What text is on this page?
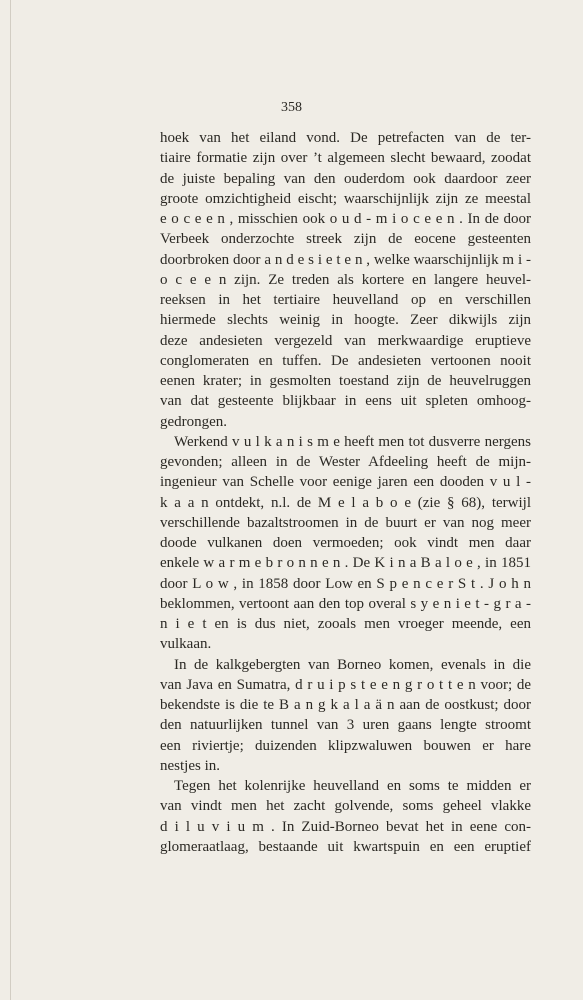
358
hoek van het eiland vond. De petrefacten van de ter-
tiaire formatie zijn over ’t algemeen slecht bewaard, zoodat
de juiste bepaling van den ouderdom ook daardoor zeer
groote omzichtigheid eischt; waarschijnlijk zijn ze meestal
e o c e e n , misschien ook o u d - m i o c e e n . In de door
Verbeek onderzochte streek zijn de eocene gesteenten
doorbroken door a n d e s i e t e n , welke waarschijnlijk m i -
o c e e n zijn. Ze treden als kortere en langere heuvel-
reeksen in het tertiaire heuvelland op en verschillen
hiermede slechts weinig in hoogte. Zeer dikwijls zijn
deze andesieten vergezeld van merkwaardige eruptieve
conglomeraten en tuffen. De andesieten vertoonen nooit
eenen krater; in gesmolten toestand zijn de heuvelruggen
van dat gesteente blijkbaar in eens uit spleten omhoog-
gedrongen.
Werkend v u l k a n i s m e heeft men tot dusverre nergens
gevonden; alleen in de Wester Afdeeling heeft de mijn-
ingenieur van Schelle voor eenige jaren een dooden v u l -
k a a n ontdekt, n.l. de M e l a b o e (zie § 68), terwijl
verschillende bazaltstroomen in de buurt er van nog meer
doode vulkanen doen vermoeden; ook vindt men daar
enkele w a r m e b r o n n e n . De K i n a B a l o e , in 1851
door L o w , in 1858 door Low en S p e n c e r S t . J o h n
beklommen, vertoont aan den top overal s y e n i e t - g r a -
n i e t en is dus niet, zooals men vroeger meende, een
vulkaan.
In de kalkgebergten van Borneo komen, evenals in die
van Java en Sumatra, d r u i p s t e e n g r o t t e n voor; de
bekendste is die te B a n g k a l a ä n aan de oostkust; door
den natuurlijken tunnel van 3 uren gaans lengte stroomt
een riviertje; duizenden klipzwaluwen bouwen er hare
nestjes in.
Tegen het kolenrijke heuvelland en soms te midden er
van vindt men het zacht golvende, soms geheel vlakke
d i l u v i u m . In Zuid-Borneo bevat het in eene con-
glomeraatlaag, bestaande uit kwartspuin en een eruptief
